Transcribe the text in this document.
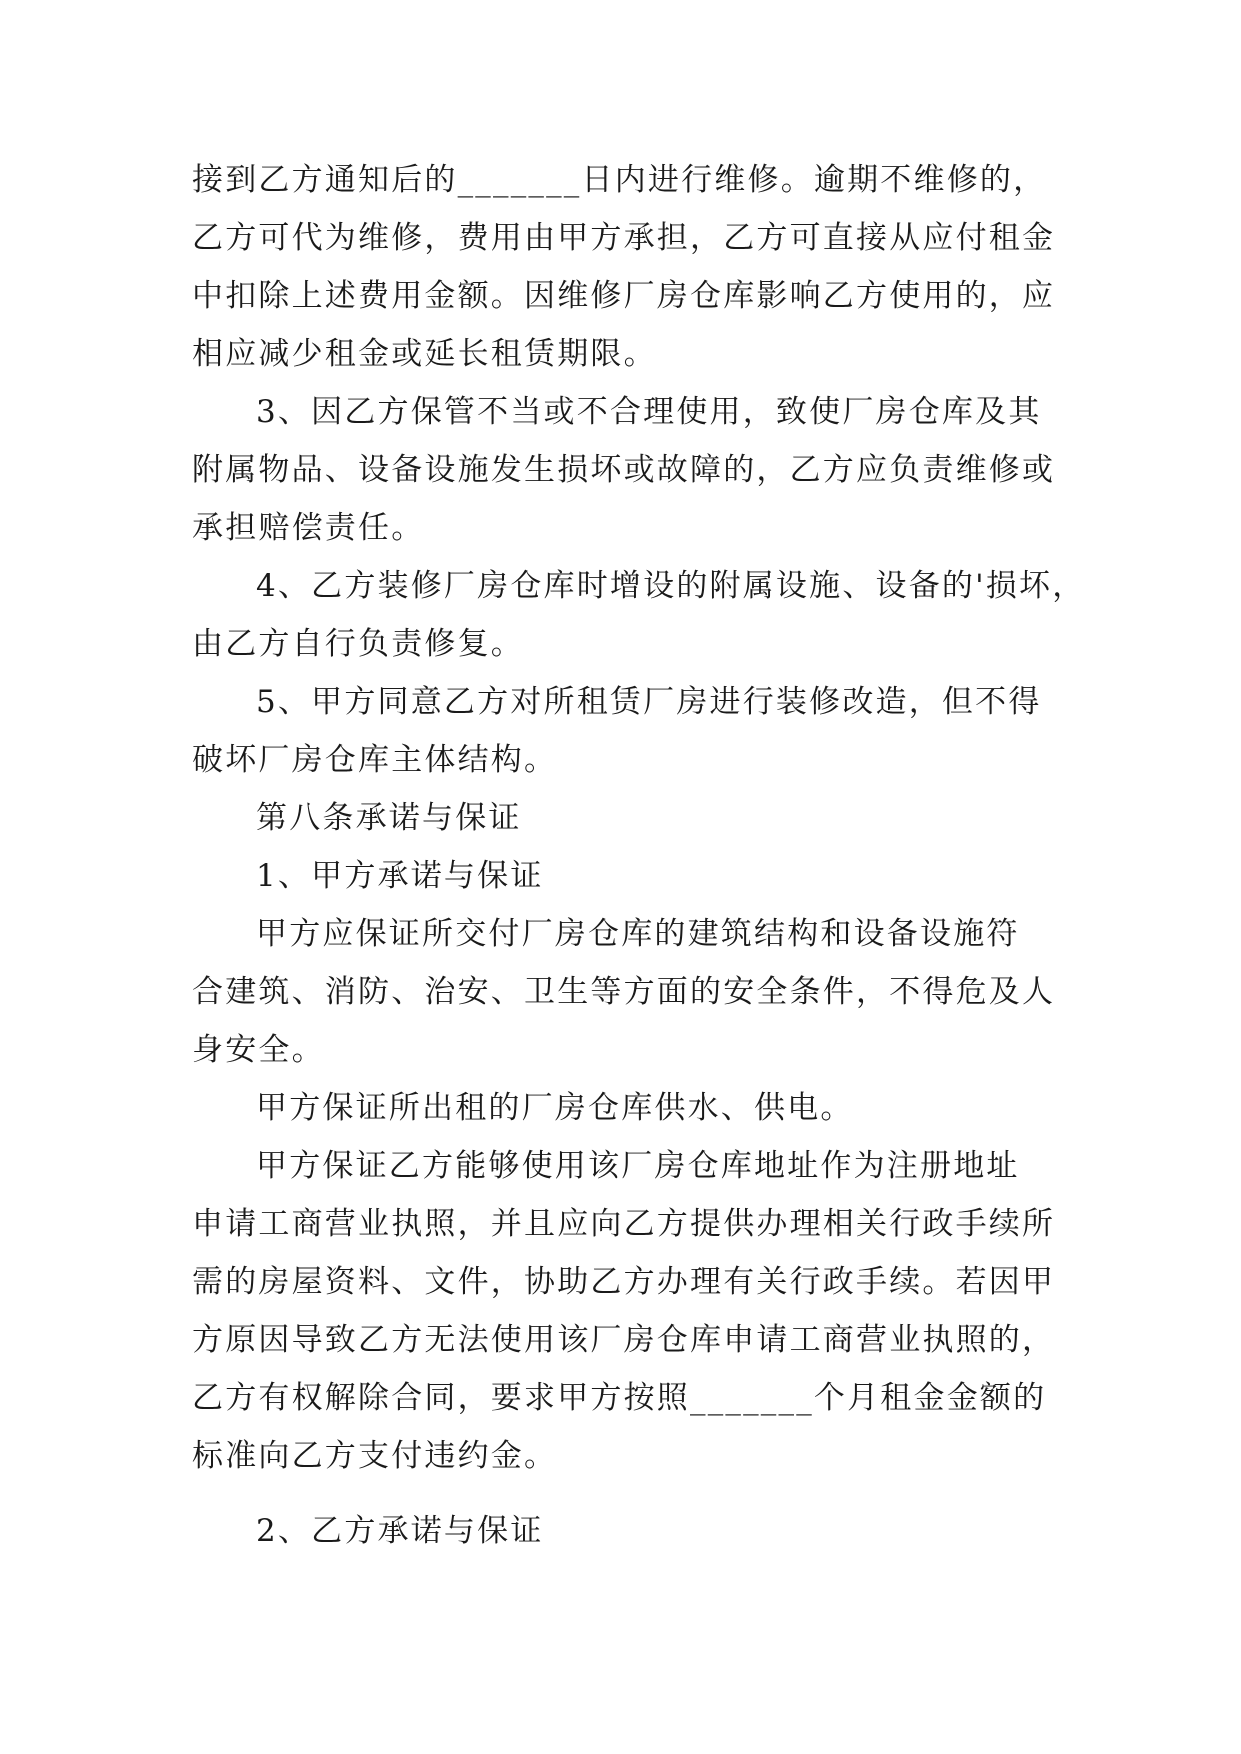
接到乙方通知后的_______日内进行维修。逾期不维修的，
乙方可代为维修，费用由甲方承担，乙方可直接从应付租金
中扣除上述费用金额。因维修厂房仓库影响乙方使用的，应
相应减少租金或延长租赁期限。
3、因乙方保管不当或不合理使用，致使厂房仓库及其
附属物品、设备设施发生损坏或故障的，乙方应负责维修或
承担赔偿责任。
4、乙方装修厂房仓库时增设的附属设施、设备的'损坏，
由乙方自行负责修复。
5、甲方同意乙方对所租赁厂房进行装修改造，但不得
破坏厂房仓库主体结构。
第八条承诺与保证
1、甲方承诺与保证
甲方应保证所交付厂房仓库的建筑结构和设备设施符
合建筑、消防、治安、卫生等方面的安全条件，不得危及人
身安全。
甲方保证所出租的厂房仓库供水、供电。
甲方保证乙方能够使用该厂房仓库地址作为注册地址
申请工商营业执照，并且应向乙方提供办理相关行政手续所
需的房屋资料、文件，协助乙方办理有关行政手续。若因甲
方原因导致乙方无法使用该厂房仓库申请工商营业执照的，
乙方有权解除合同，要求甲方按照_______个月租金金额的
标准向乙方支付违约金。
2、乙方承诺与保证
